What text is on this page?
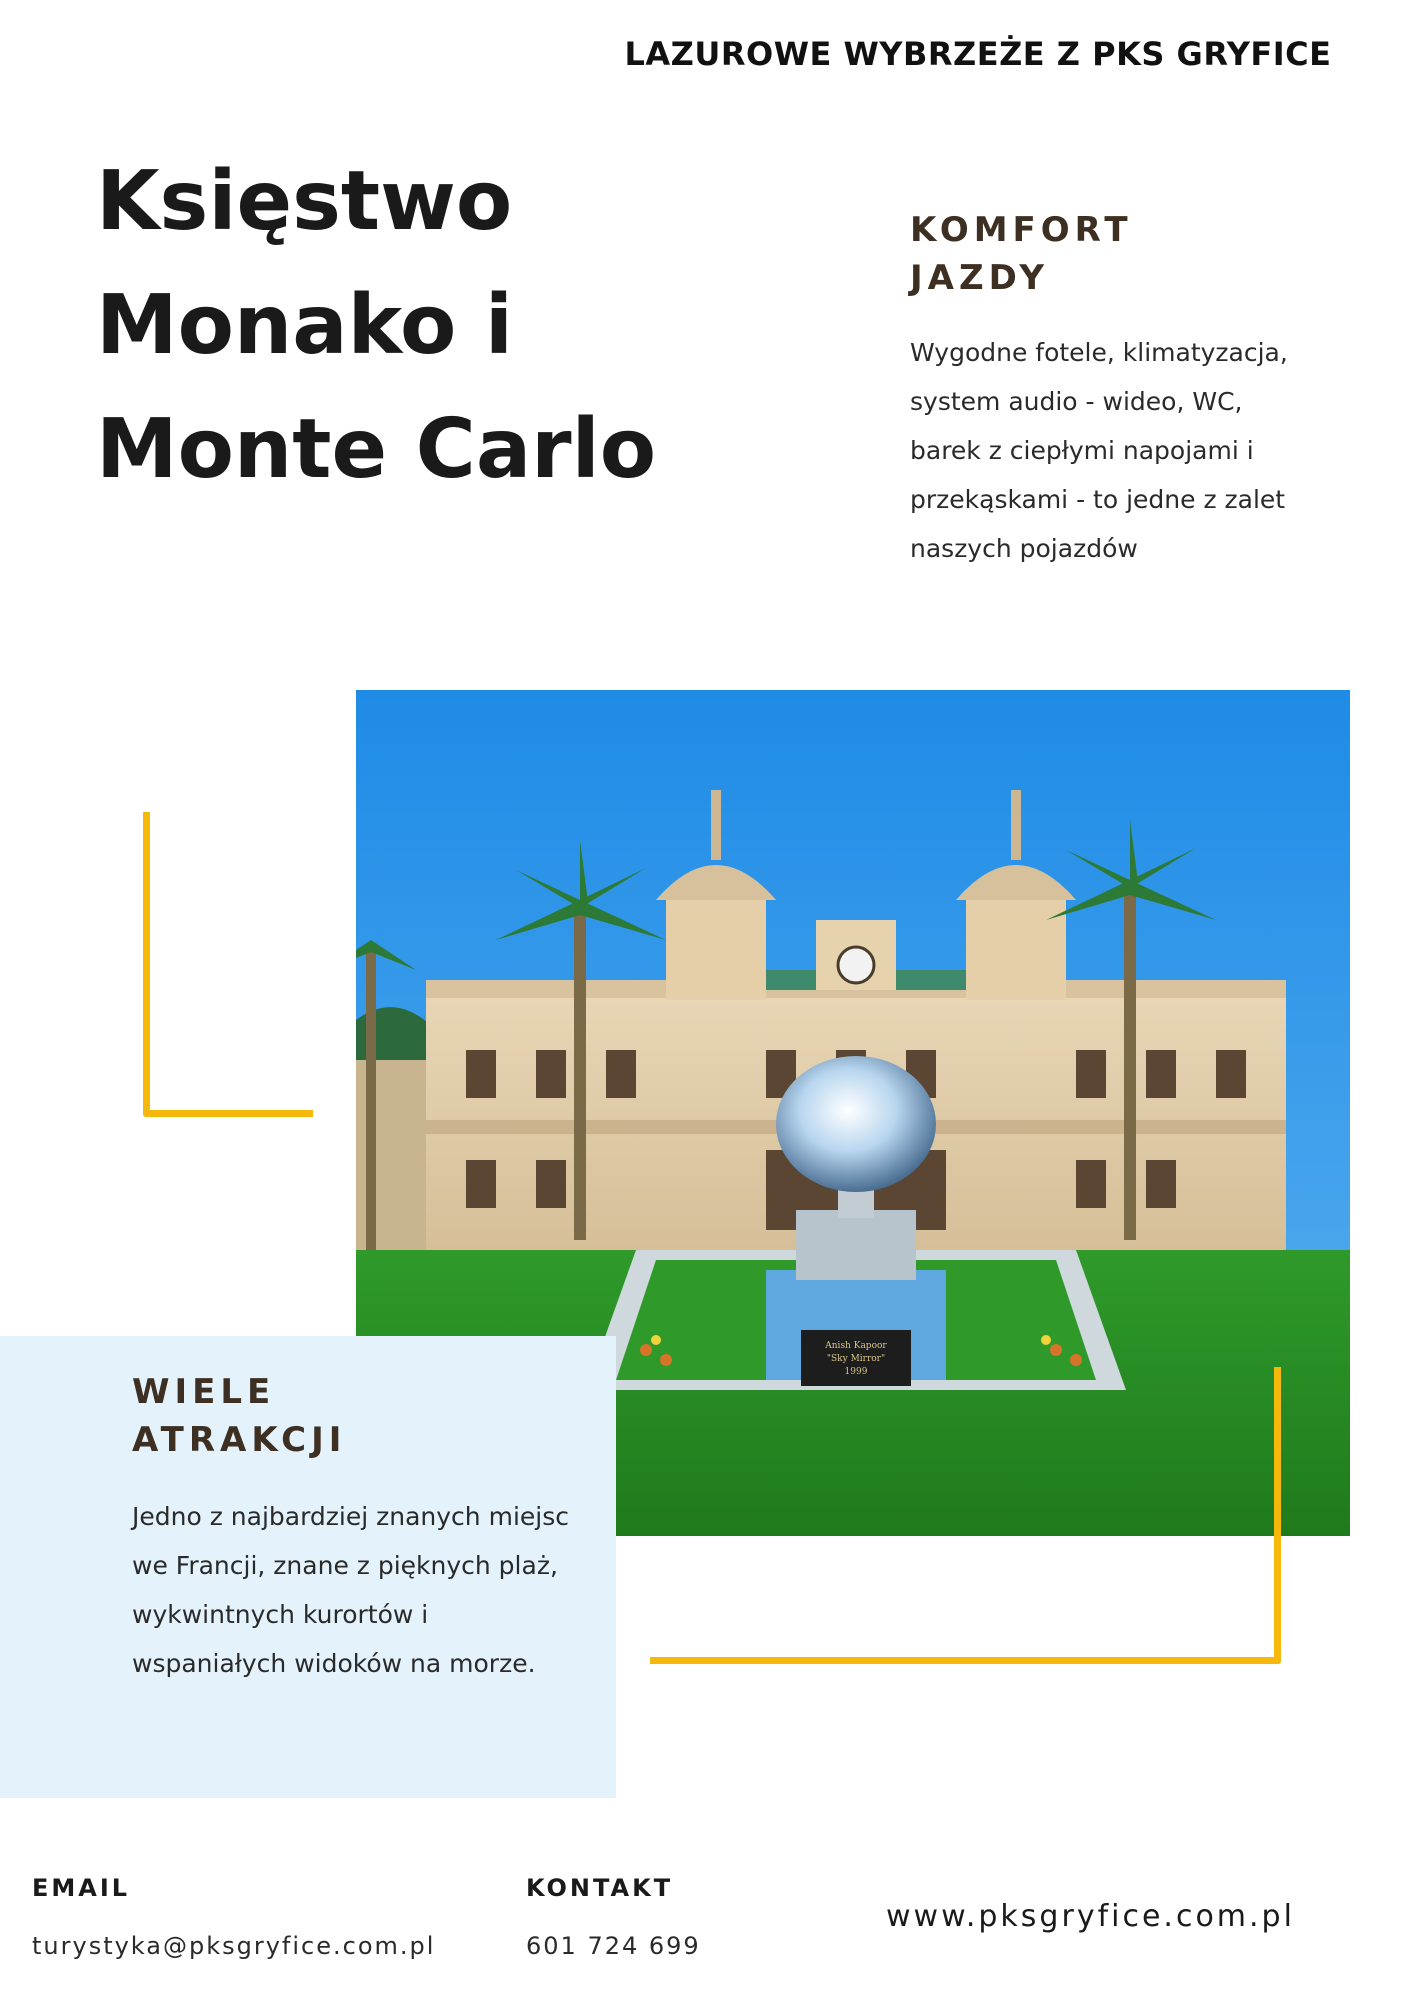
LAZUROWE WYBRZEŻE Z PKS GRYFICE
Księstwo
Monako i
Monte Carlo
KOMFORT
JAZDY

Wygodne fotele, klimatyzacja, system audio - wideo, WC, barek z ciepłymi napojami i przekąskami - to jedne z zalet naszych pojazdów

Anish Kapoor
"Sky Mirror"
1999
WIELE
ATRAKCJI

Jedno z najbardziej znanych miejsc we Francji, znane z pięknych plaż, wykwintnych kurortów i wspaniałych widoków na morze.

EMAIL
turystyka@pksgryfice.com.pl
KONTAKT
601 724 699
www.pksgryfice.com.pl
